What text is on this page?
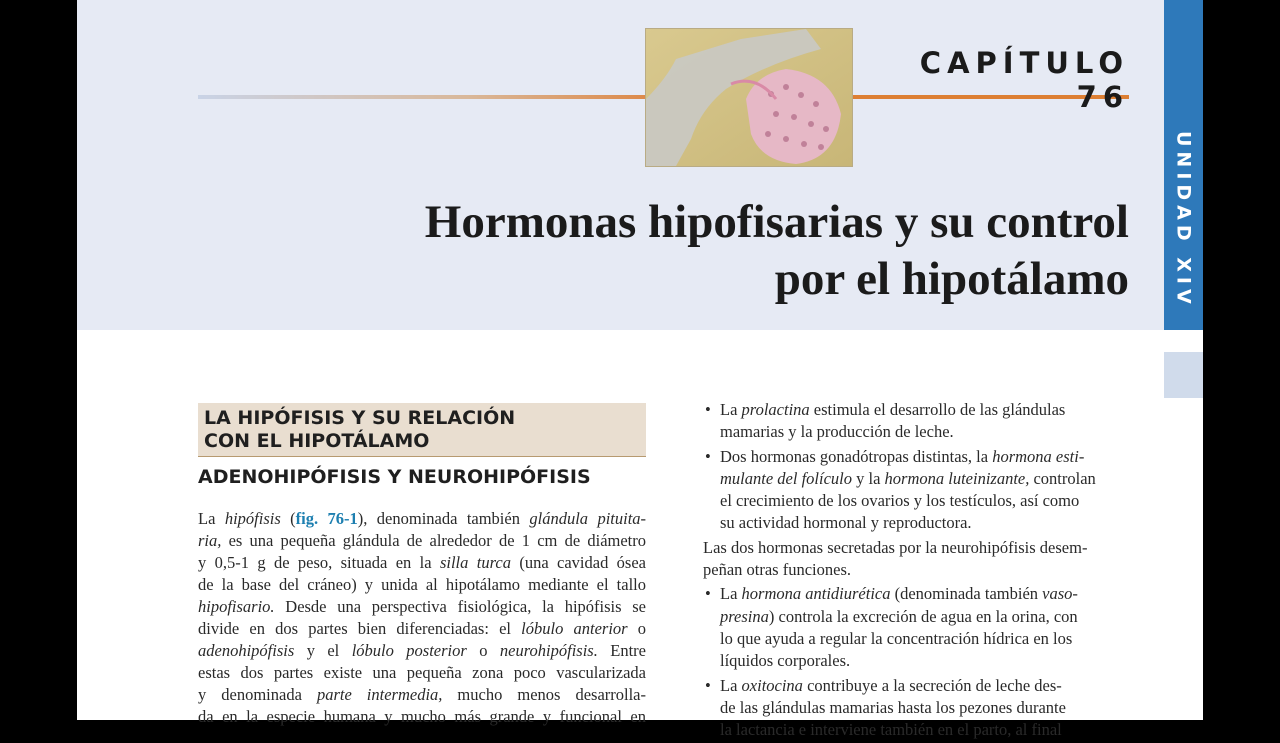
CAPÍTULO 76
Hormonas hipofisarias y su control
por el hipotálamo	UNIDAD XIV
LA HIPÓFISIS Y SU RELACIÓN
CON EL HIPOTÁLAMO
ADENOHIPÓFISIS Y NEUROHIPÓFISIS
La hipófisis (fig. 76-1), denominada también glándula pituita-
ria, es una pequeña glándula de alrededor de 1 cm de diámetro
y 0,5-1 g de peso, situada en la silla turca (una cavidad ósea
de la base del cráneo) y unida al hipotálamo mediante el tallo
hipofisario. Desde una perspectiva fisiológica, la hipófisis se
divide en dos partes bien diferenciadas: el lóbulo anterior o
adenohipófisis y el lóbulo posterior o neurohipófisis. Entre
estas dos partes existe una pequeña zona poco vascularizada
y denominada parte intermedia, mucho menos desarrolla-
da en la especie humana y mucho más grande y funcional en
• La prolactina estimula el desarrollo de las glándulas
mamarias y la producción de leche.
• Dos hormonas gonadótropas distintas, la hormona esti-
mulante del folículo y la hormona luteinizante, controlan
el crecimiento de los ovarios y los testículos, así como
su actividad hormonal y reproductora.
Las dos hormonas secretadas por la neurohipófisis desem-
peñan otras funciones.
• La hormona antidiurética (denominada también vaso-
presina) controla la excreción de agua en la orina, con
lo que ayuda a regular la concentración hídrica en los
líquidos corporales.
• La oxitocina contribuye a la secreción de leche des-
de las glándulas mamarias hasta los pezones durante
la lactancia e interviene también en el parto, al final
